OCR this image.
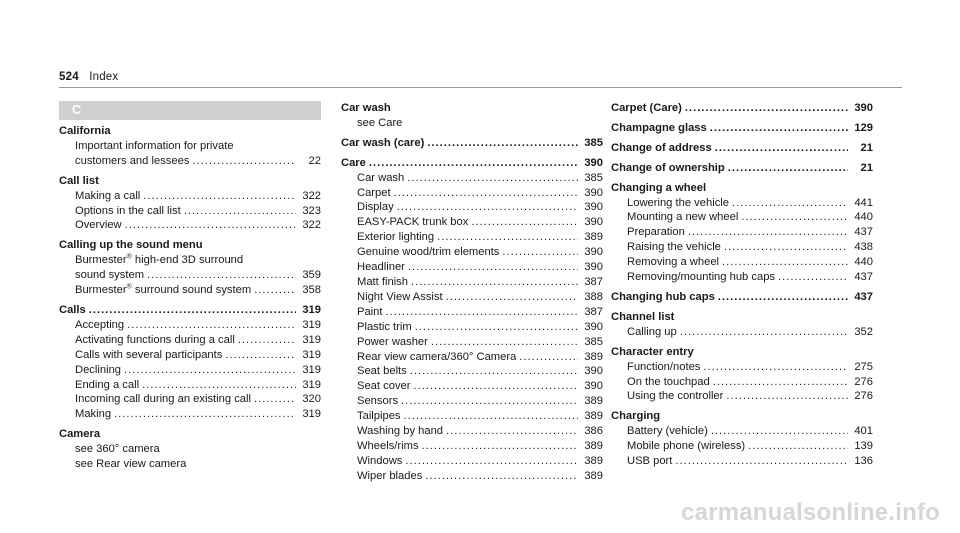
524 Index
C
California
Important information for private
customers and lessees .....	22
Call list
Making a call .....	322
Options in the call list .....	323
Overview .....	322
Calling up the sound menu
Burmester® high-end 3D surround
sound system .....	359
Burmester® surround sound system .....	358
Calls .....	319
Accepting .....	319
Activating functions during a call .....	319
Calls with several participants .....	319
Declining .....	319
Ending a call .....	319
Incoming call during an existing call .....	320
Making .....	319
Camera
see 360° camera
see Rear view camera
Car wash
see Care
Car wash (care) .....	385
Care .....	390
Car wash .....	385
Carpet .....	390
Display .....	390
EASY-PACK trunk box .....	390
Exterior lighting .....	389
Genuine wood/trim elements .....	390
Headliner .....	390
Matt finish .....	387
Night View Assist .....	388
Paint .....	387
Plastic trim .....	390
Power washer .....	385
Rear view camera/360° Camera .....	389
Seat belts .....	390
Seat cover .....	390
Sensors .....	389
Tailpipes .....	389
Washing by hand .....	386
Wheels/rims .....	389
Windows .....	389
Wiper blades .....	389
Carpet (Care) .....	390
Champagne glass .....	129
Change of address .....	21
Change of ownership .....	21
Changing a wheel
Lowering the vehicle .....	441
Mounting a new wheel .....	440
Preparation .....	437
Raising the vehicle .....	438
Removing a wheel .....	440
Removing/mounting hub caps .....	437
Changing hub caps .....	437
Channel list
Calling up .....	352
Character entry
Function/notes .....	275
On the touchpad .....	276
Using the controller .....	276
Charging
Battery (vehicle) .....	401
Mobile phone (wireless) .....	139
USB port .....	136
carmanualsonline.info
